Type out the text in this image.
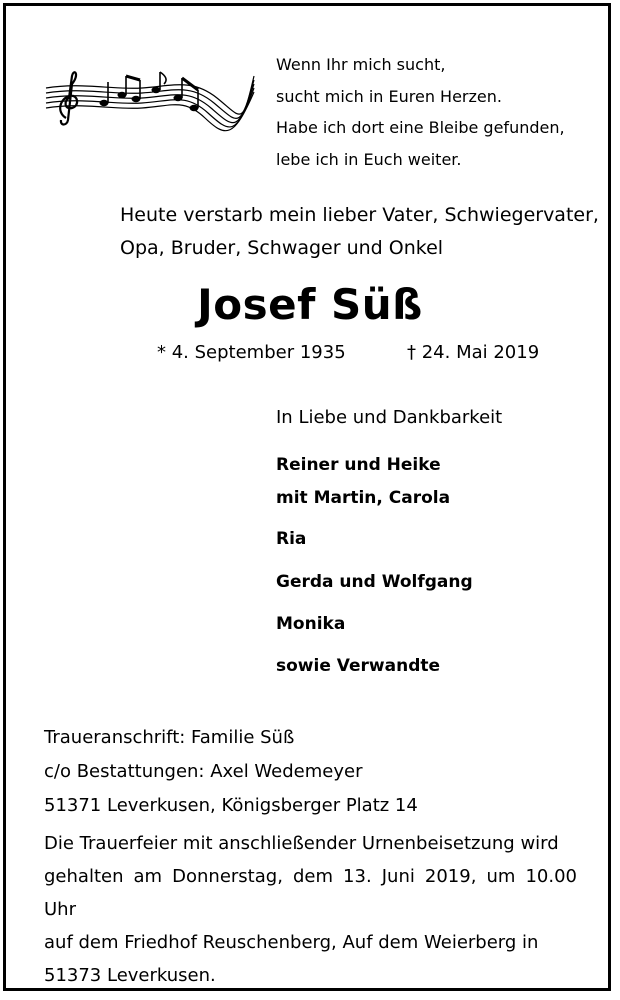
Wenn Ihr mich sucht,
sucht mich in Euren Herzen.
Habe ich dort eine Bleibe gefunden,
lebe ich in Euch weiter.
Heute verstarb mein lieber Vater, Schwiegervater,
Opa, Bruder, Schwager und Onkel
Josef Süß
* 4. September 1935	† 24. Mai 2019
In Liebe und Dankbarkeit
Reiner und Heike
mit Martin, Carola
Ria
Gerda und Wolfgang
Monika
sowie Verwandte
Traueranschrift: Familie Süß
c/o Bestattungen: Axel Wedemeyer
51371 Leverkusen, Königsberger Platz 14
Die Trauerfeier mit anschließender Urnenbeisetzung wird
gehalten am Donnerstag, dem 13. Juni 2019, um 10.00 Uhr
auf dem Friedhof Reuschenberg, Auf dem Weierberg in
51373 Leverkusen.
